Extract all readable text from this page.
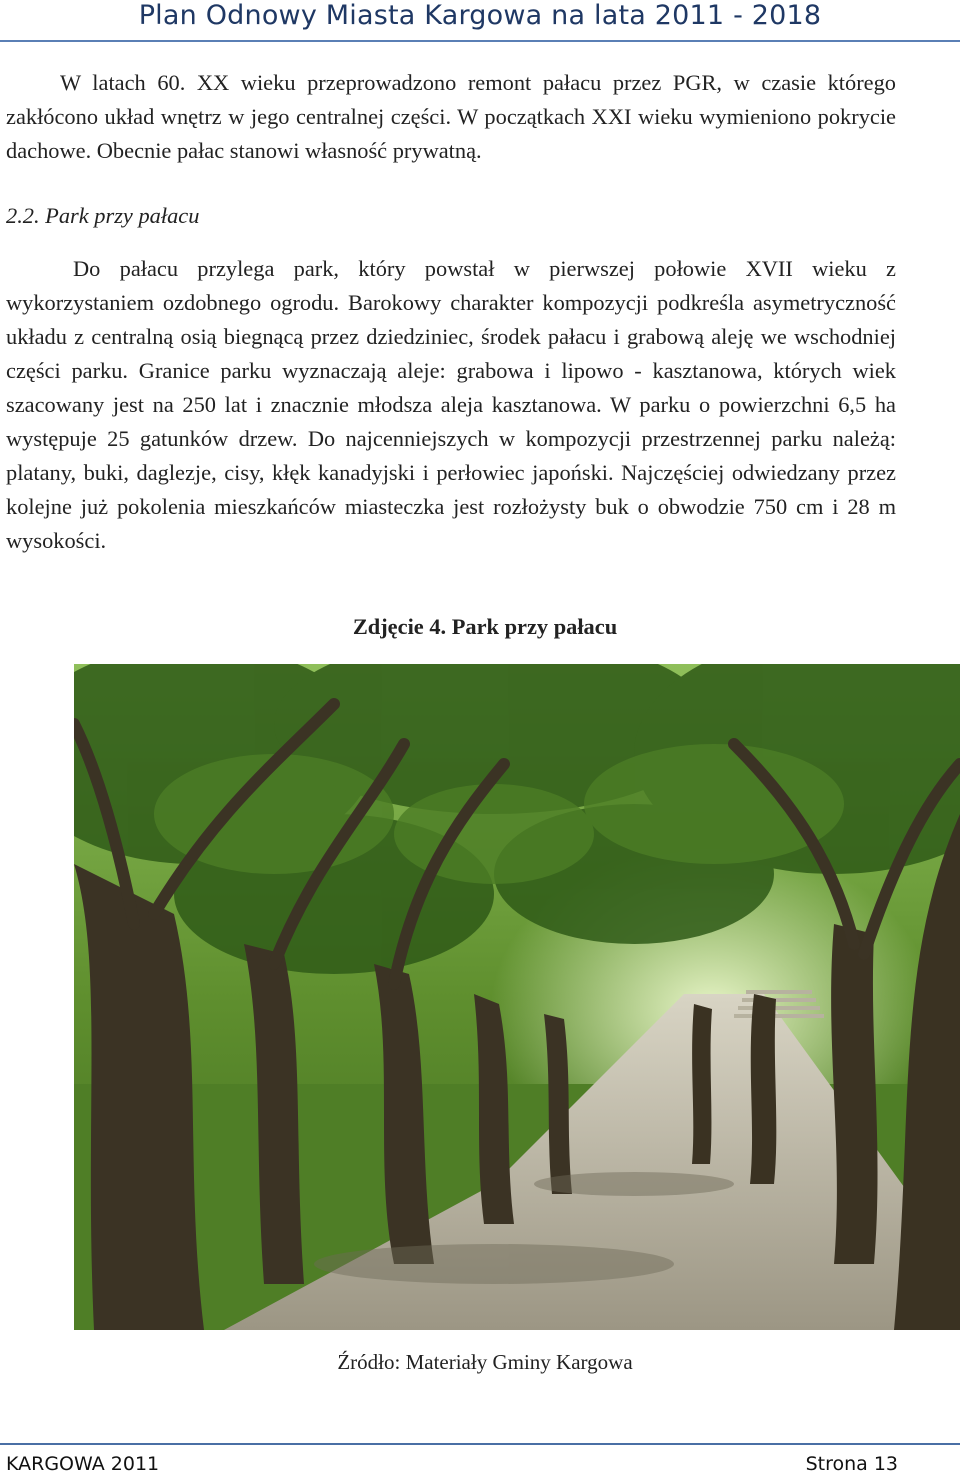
Plan Odnowy Miasta Kargowa na lata 2011 - 2018
W latach 60. XX wieku przeprowadzono remont pałacu przez PGR, w czasie którego zakłócono układ wnętrz w jego centralnej części. W początkach XXI wieku wymieniono pokrycie dachowe. Obecnie pałac stanowi własność prywatną.
2.2. Park przy pałacu
Do pałacu przylega park, który powstał w pierwszej połowie XVII wieku z wykorzystaniem ozdobnego ogrodu. Barokowy charakter kompozycji podkreśla asymetryczność układu z centralną osią biegnącą przez dziedziniec, środek pałacu i grabową aleję we wschodniej części parku. Granice parku wyznaczają aleje: grabowa i lipowo - kasztanowa, których wiek szacowany jest na 250 lat i znacznie młodsza aleja kasztanowa. W parku o powierzchni 6,5 ha występuje 25 gatunków drzew. Do najcenniejszych w kompozycji przestrzennej parku należą: platany, buki, daglezje, cisy, kłęk kanadyjski i perłowiec japoński. Najczęściej odwiedzany przez kolejne już pokolenia mieszkańców miasteczka jest rozłożysty buk o obwodzie 750 cm i 28 m wysokości.
Zdjęcie 4. Park przy pałacu
Źródło: Materiały Gminy Kargowa
KARGOWA 2011	Strona 13
